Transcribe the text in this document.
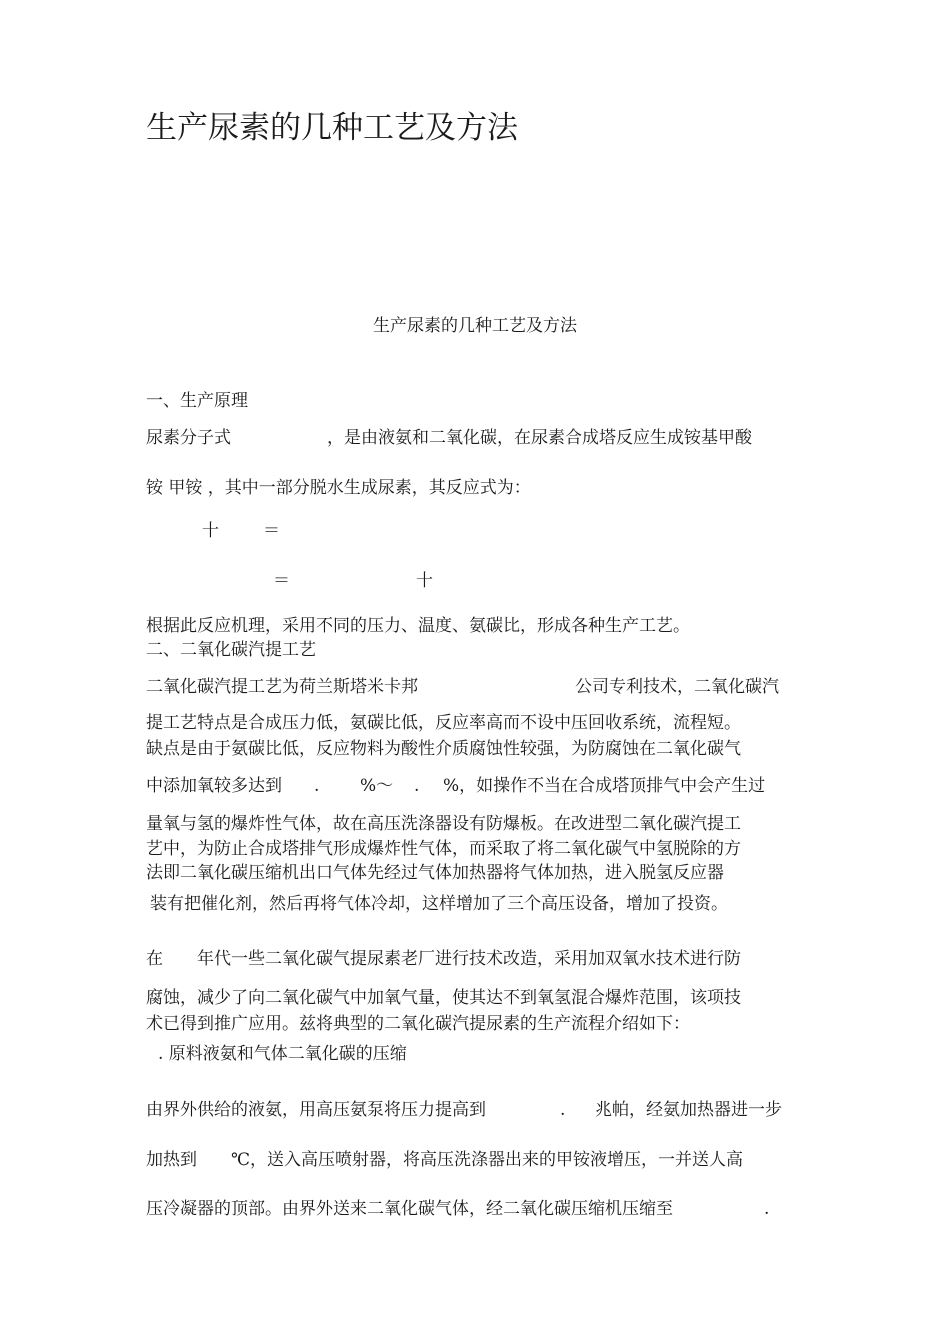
生产尿素的几种工艺及方法
生产尿素的几种工艺及方法

一、生产原理

尿素分子式	，是由液氨和二氧化碳，在尿素合成塔反应生成铵基甲酸

铵 甲铵 ，其中一部分脱水生成尿素，其反应式为：

十	＝
＝	十

根据此反应机理，采用不同的压力、温度、氨碳比，形成各种生产工艺。

二、二氧化碳汽提工艺

二氧化碳汽提工艺为荷兰斯塔米卡邦	公司专利技术，二氧化碳汽

提工艺特点是合成压力低，氨碳比低，反应率高而不设中压回收系统，流程短。

缺点是由于氨碳比低，反应物料为酸性介质腐蚀性较强，为防腐蚀在二氧化碳气

中添加氧较多达到 . %～ . %，如操作不当在合成塔顶排气中会产生过

量氧与氢的爆炸性气体，故在高压洗涤器设有防爆板。在改进型二氧化碳汽提工

艺中，为防止合成塔排气形成爆炸性气体，而采取了将二氧化碳气中氢脱除的方

法即二氧化碳压缩机出口气体先经过气体加热器将气体加热，进入脱氢反应器

装有把催化剂，然后再将气体冷却，这样增加了三个高压设备，增加了投资。

在 年代一些二氧化碳气提尿素老厂进行技术改造，采用加双氧水技术进行防

腐蚀，减少了向二氧化碳气中加氧气量，使其达不到氧氢混合爆炸范围，该项技

术已得到推广应用。兹将典型的二氧化碳汽提尿素的生产流程介绍如下：

. 原料液氨和气体二氧化碳的压缩

由界外供给的液氨，用高压氨泵将压力提高到	. 兆帕，经氨加热器进一步
加热到 ℃，送入高压喷射器，将高压洗涤器出来的甲铵液增压，一并送人高
压冷凝器的顶部。由界外送来二氧化碳气体，经二氧化碳压缩机压缩至	.
